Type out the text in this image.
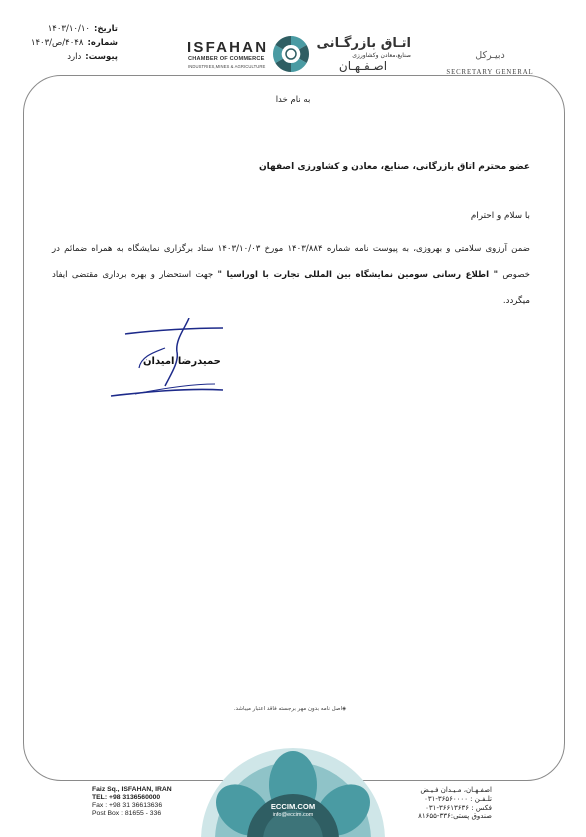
تاریخ:
۱۴۰۳/۱۰/۱۰
شماره:
۴۰۴۸/ص/۱۴۰۳
پیوست:
دارد
ISFAHAN
CHAMBER OF COMMERCE
INDUSTRIES,MINES & AGRICULTURE
اتـاق بازرگـانی
صنایع،معادن وکشاورزی
اصـفـهـان
دبیـرکل
SECRETARY GENERAL
به نام خدا
عضو محترم اتاق بازرگانی، صنایع، معادن و کشاورزی اصفهان
با سلام و احترام
ضمن آرزوی سلامتی و بهروزی، به پیوست نامه شماره ۱۴۰۳/۸۸۴ مورخ ۱۴۰۳/۱۰/۰۳ ستاد برگزاری نمایشگاه به همراه ضمائم در خصوص " اطلاع رسانی سومین نمایشگاه بین المللی تجارت با اوراسیا " جهت استحضار و بهره برداری مقتضی ایفاد میگردد.
حمیدرضا امیدان
◈اصل نامه بدون مهر برجسته فاقد اعتبار میباشد.
Faiz Sq., ISFAHAN, IRAN
TEL: +98 3136560000
Fax : +98 31 36613636
Post Box : 81655 - 336
ECCIM.COM
info@eccim.com
اصفـهـان، مـیـدان فـیـض
تلـفـن : ۳۶۵۶۰۰۰۰-۰۳۱
فکس : ۳۶۶۱۳۶۳۶-۰۳۱
صندوق پستی:۳۳۶-۸۱۶۵۵
